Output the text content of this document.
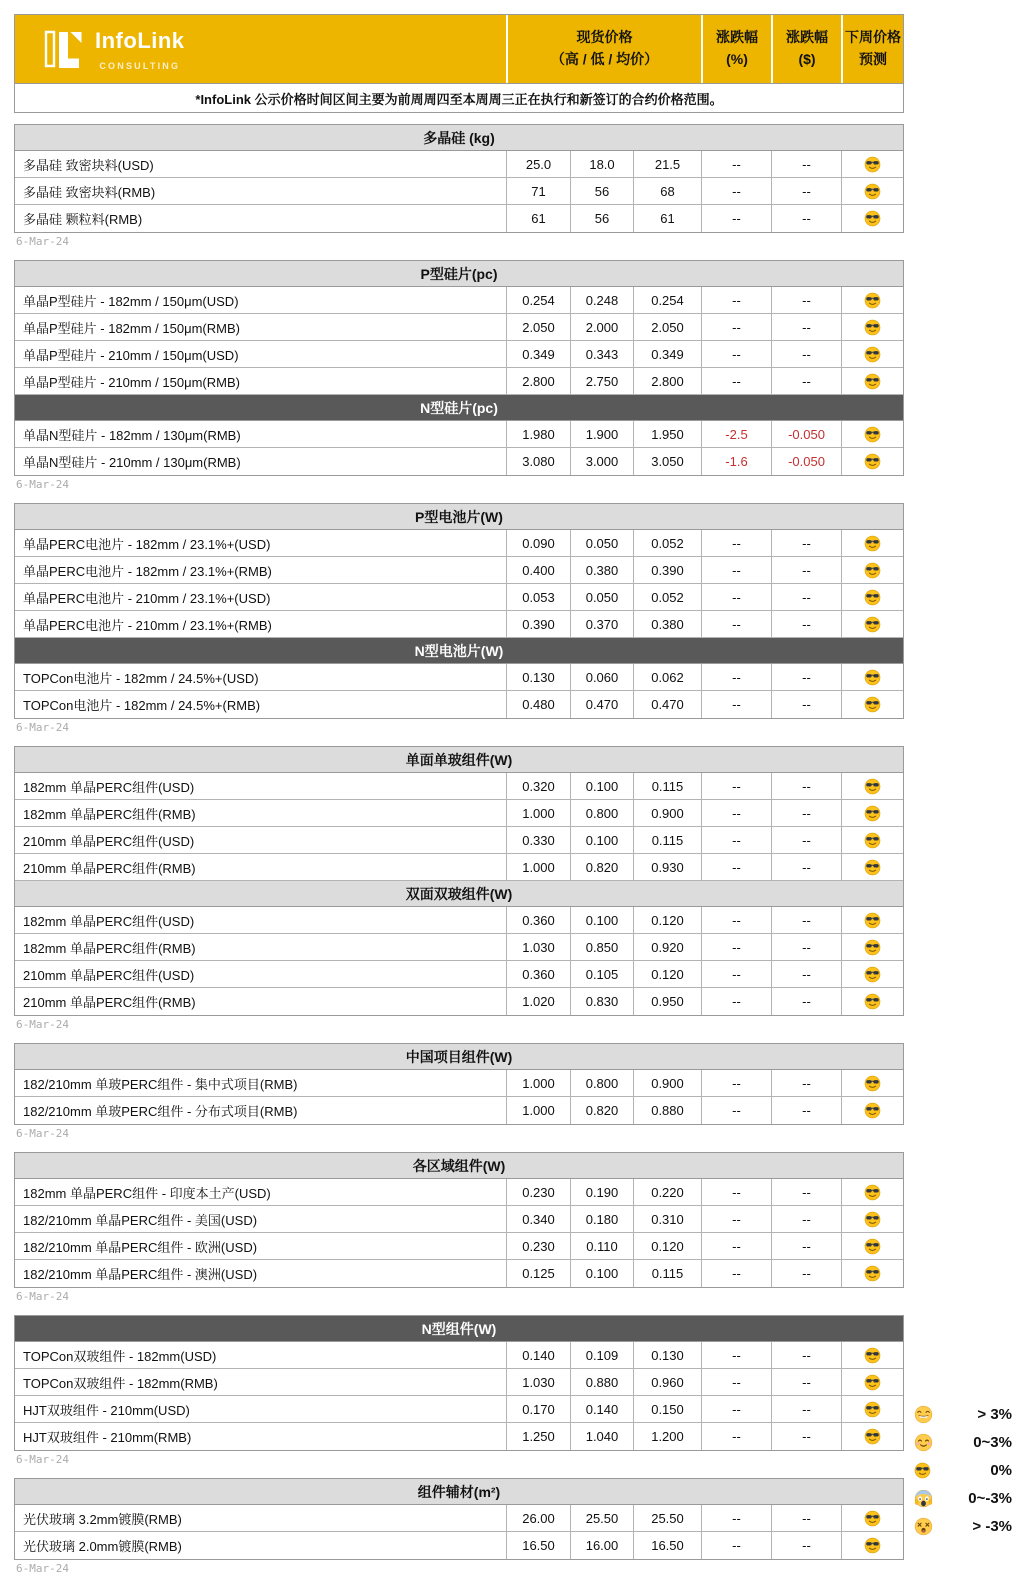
InfoLink
CONSULTING
现货价格
（高 / 低 / 均价）
涨跌幅
(%)
涨跌幅
($)
下周价格
预测
*InfoLink 公示价格时间区间主要为前周周四至本周周三正在执行和新签订的合约价格范围。
多晶硅 (kg)
多晶硅 致密块料(USD)	25.0	18.0	21.5	--	--
多晶硅 致密块料(RMB)	71	56	68	--	--
多晶硅 颗粒料(RMB)	61	56	61	--	--
6-Mar-24
P型硅片(pc)
单晶P型硅片 - 182mm / 150μm(USD)	0.254	0.248	0.254	--	--
单晶P型硅片 - 182mm / 150μm(RMB)	2.050	2.000	2.050	--	--
单晶P型硅片 - 210mm / 150μm(USD)	0.349	0.343	0.349	--	--
单晶P型硅片 - 210mm / 150μm(RMB)	2.800	2.750	2.800	--	--
N型硅片(pc)
单晶N型硅片 - 182mm / 130μm(RMB)	1.980	1.900	1.950	-2.5	-0.050
单晶N型硅片 - 210mm / 130μm(RMB)	3.080	3.000	3.050	-1.6	-0.050
6-Mar-24
P型电池片(W)
单晶PERC电池片 - 182mm / 23.1%+(USD)	0.090	0.050	0.052	--	--
单晶PERC电池片 - 182mm / 23.1%+(RMB)	0.400	0.380	0.390	--	--
单晶PERC电池片 - 210mm / 23.1%+(USD)	0.053	0.050	0.052	--	--
单晶PERC电池片 - 210mm / 23.1%+(RMB)	0.390	0.370	0.380	--	--
N型电池片(W)
TOPCon电池片 - 182mm / 24.5%+(USD)	0.130	0.060	0.062	--	--
TOPCon电池片 - 182mm / 24.5%+(RMB)	0.480	0.470	0.470	--	--
6-Mar-24
单面单玻组件(W)
182mm 单晶PERC组件(USD)	0.320	0.100	0.115	--	--
182mm 单晶PERC组件(RMB)	1.000	0.800	0.900	--	--
210mm 单晶PERC组件(USD)	0.330	0.100	0.115	--	--
210mm 单晶PERC组件(RMB)	1.000	0.820	0.930	--	--
双面双玻组件(W)
182mm 单晶PERC组件(USD)	0.360	0.100	0.120	--	--
182mm 单晶PERC组件(RMB)	1.030	0.850	0.920	--	--
210mm 单晶PERC组件(USD)	0.360	0.105	0.120	--	--
210mm 单晶PERC组件(RMB)	1.020	0.830	0.950	--	--
6-Mar-24
中国项目组件(W)
182/210mm 单玻PERC组件 - 集中式项目(RMB)	1.000	0.800	0.900	--	--
182/210mm 单玻PERC组件 - 分布式项目(RMB)	1.000	0.820	0.880	--	--
6-Mar-24
各区域组件(W)
182mm 单晶PERC组件 - 印度本土产(USD)	0.230	0.190	0.220	--	--
182/210mm 单晶PERC组件 - 美国(USD)	0.340	0.180	0.310	--	--
182/210mm 单晶PERC组件 - 欧洲(USD)	0.230	0.110	0.120	--	--
182/210mm 单晶PERC组件 - 澳洲(USD)	0.125	0.100	0.115	--	--
6-Mar-24
N型组件(W)
TOPCon双玻组件 - 182mm(USD)	0.140	0.109	0.130	--	--
TOPCon双玻组件 - 182mm(RMB)	1.030	0.880	0.960	--	--
HJT双玻组件 - 210mm(USD)	0.170	0.140	0.150	--	--
HJT双玻组件 - 210mm(RMB)	1.250	1.040	1.200	--	--
6-Mar-24
组件辅材(m²)
光伏玻璃 3.2mm镀膜(RMB)	26.00	25.50	25.50	--	--
光伏玻璃 2.0mm镀膜(RMB)	16.50	16.00	16.50	--	--
6-Mar-24
> 3%
0~3%
0%
0~-3%
> -3%
